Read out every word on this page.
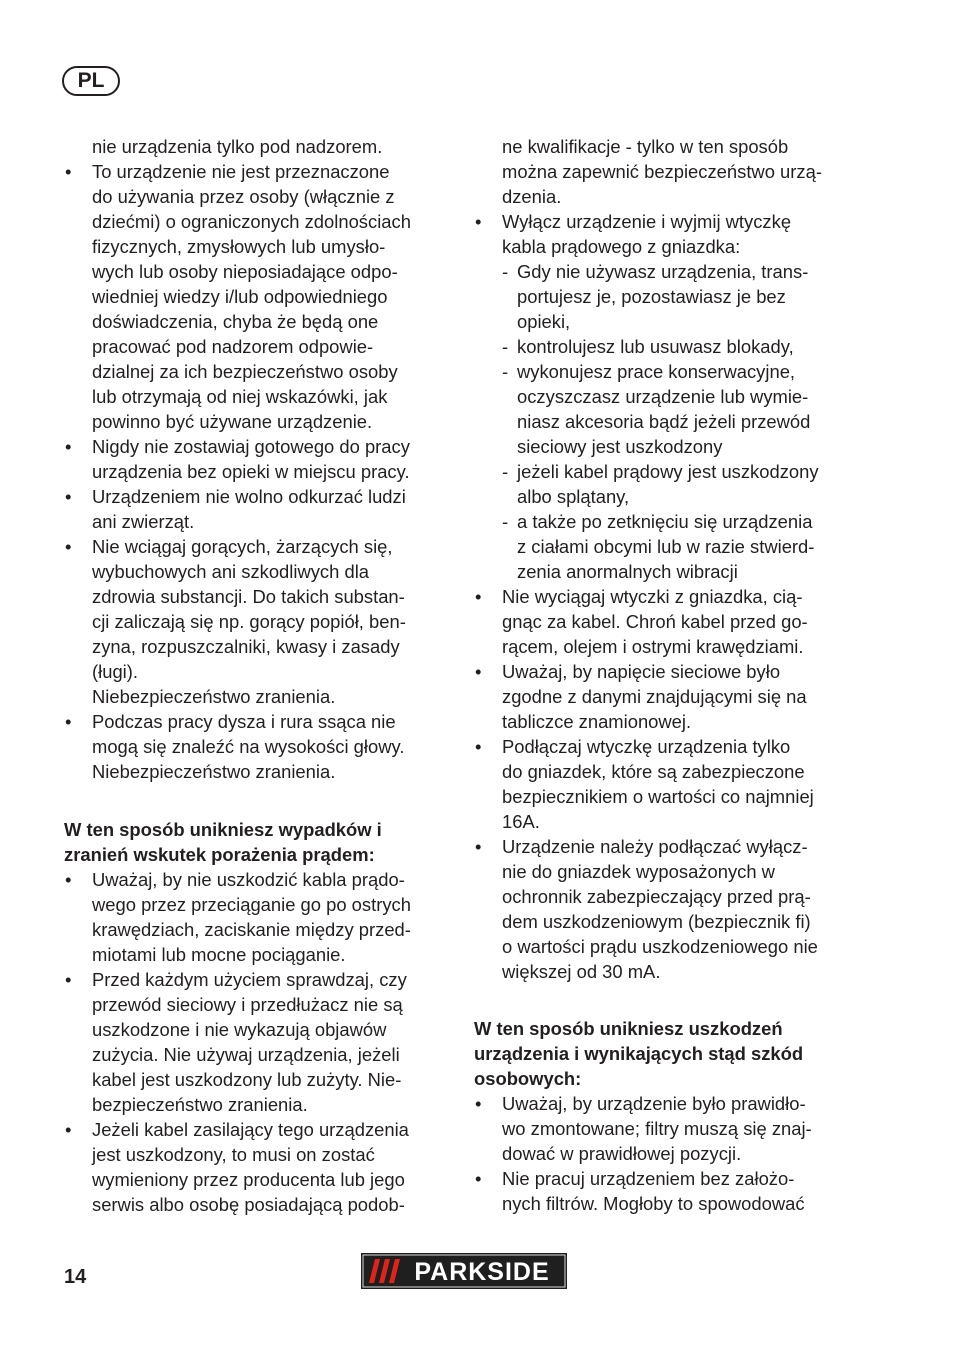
PL
nie urządzenia tylko pod nadzorem.
• To urządzenie nie jest przeznaczone
do używania przez osoby (włącznie z
dziećmi) o ograniczonych zdolnościach
fizycznych, zmysłowych lub umysło-
wych lub osoby nieposiadające odpo-
wiedniej wiedzy i/lub odpowiedniego
doświadczenia, chyba że będą one
pracować pod nadzorem odpowie-
dzialnej za ich bezpieczeństwo osoby
lub otrzymają od niej wskazówki, jak
powinno być używane urządzenie.
• Nigdy nie zostawiaj gotowego do pracy
urządzenia bez opieki w miejscu pracy.
• Urządzeniem nie wolno odkurzać ludzi
ani zwierząt.
• Nie wciągaj gorących, żarzących się,
wybuchowych ani szkodliwych dla
zdrowia substancji. Do takich substan-
cji zaliczają się np. gorący popiół, ben-
zyna, rozpuszczalniki, kwasy i zasady
(ługi).
Niebezpieczeństwo zranienia.
• Podczas pracy dysza i rura ssąca nie
mogą się znaleźć na wysokości głowy.
Niebezpieczeństwo zranienia.
W ten sposób unikniesz wypadków i
zranień wskutek porażenia prądem:
• Uważaj, by nie uszkodzić kabla prądo-
wego przez przeciąganie go po ostrych
krawędziach, zaciskanie między przed-
miotami lub mocne pociąganie.
• Przed każdym użyciem sprawdzaj, czy
przewód sieciowy i przedłużacz nie są
uszkodzone i nie wykazują objawów
zużycia. Nie używaj urządzenia, jeżeli
kabel jest uszkodzony lub zużyty. Nie-
bezpieczeństwo zranienia.
• Jeżeli kabel zasilający tego urządzenia
jest uszkodzony, to musi on zostać
wymieniony przez producenta lub jego
serwis albo osobę posiadającą podob-
ne kwalifikacje - tylko w ten sposób
można zapewnić bezpieczeństwo urzą-
dzenia.
• Wyłącz urządzenie i wyjmij wtyczkę
kabla prądowego z gniazdka:
- Gdy nie używasz urządzenia, trans-
portujesz je, pozostawiasz je bez
opieki,
- kontrolujesz lub usuwasz blokady,
- wykonujesz prace konserwacyjne,
oczyszczasz urządzenie lub wymie-
niasz akcesoria bądź jeżeli przewód
sieciowy jest uszkodzony
- jeżeli kabel prądowy jest uszkodzony
albo splątany,
- a także po zetknięciu się urządzenia
z ciałami obcymi lub w razie stwierd-
zenia anormalnych wibracji
• Nie wyciągaj wtyczki z gniazdka, cią-
gnąc za kabel. Chroń kabel przed go-
rącem, olejem i ostrymi krawędziami.
• Uważaj, by napięcie sieciowe było
zgodne z danymi znajdującymi się na
tabliczce znamionowej.
• Podłączaj wtyczkę urządzenia tylko
do gniazdek, które są zabezpieczone
bezpiecznikiem o wartości co najmniej
16A.
• Urządzenie należy podłączać wyłącz-
nie do gniazdek wyposażonych w
ochronnik zabezpieczający przed prą-
dem uszkodzeniowym (bezpiecznik fi)
o wartości prądu uszkodzeniowego nie
większej od 30 mA.
W ten sposób unikniesz uszkodzeń
urządzenia i wynikających stąd szkód
osobowych:
• Uważaj, by urządzenie było prawidło-
wo zmontowane; filtry muszą się znaj-
dować w prawidłowej pozycji.
• Nie pracuj urządzeniem bez założo-
nych filtrów. Mogłoby to spowodować
14	PARKSIDE
